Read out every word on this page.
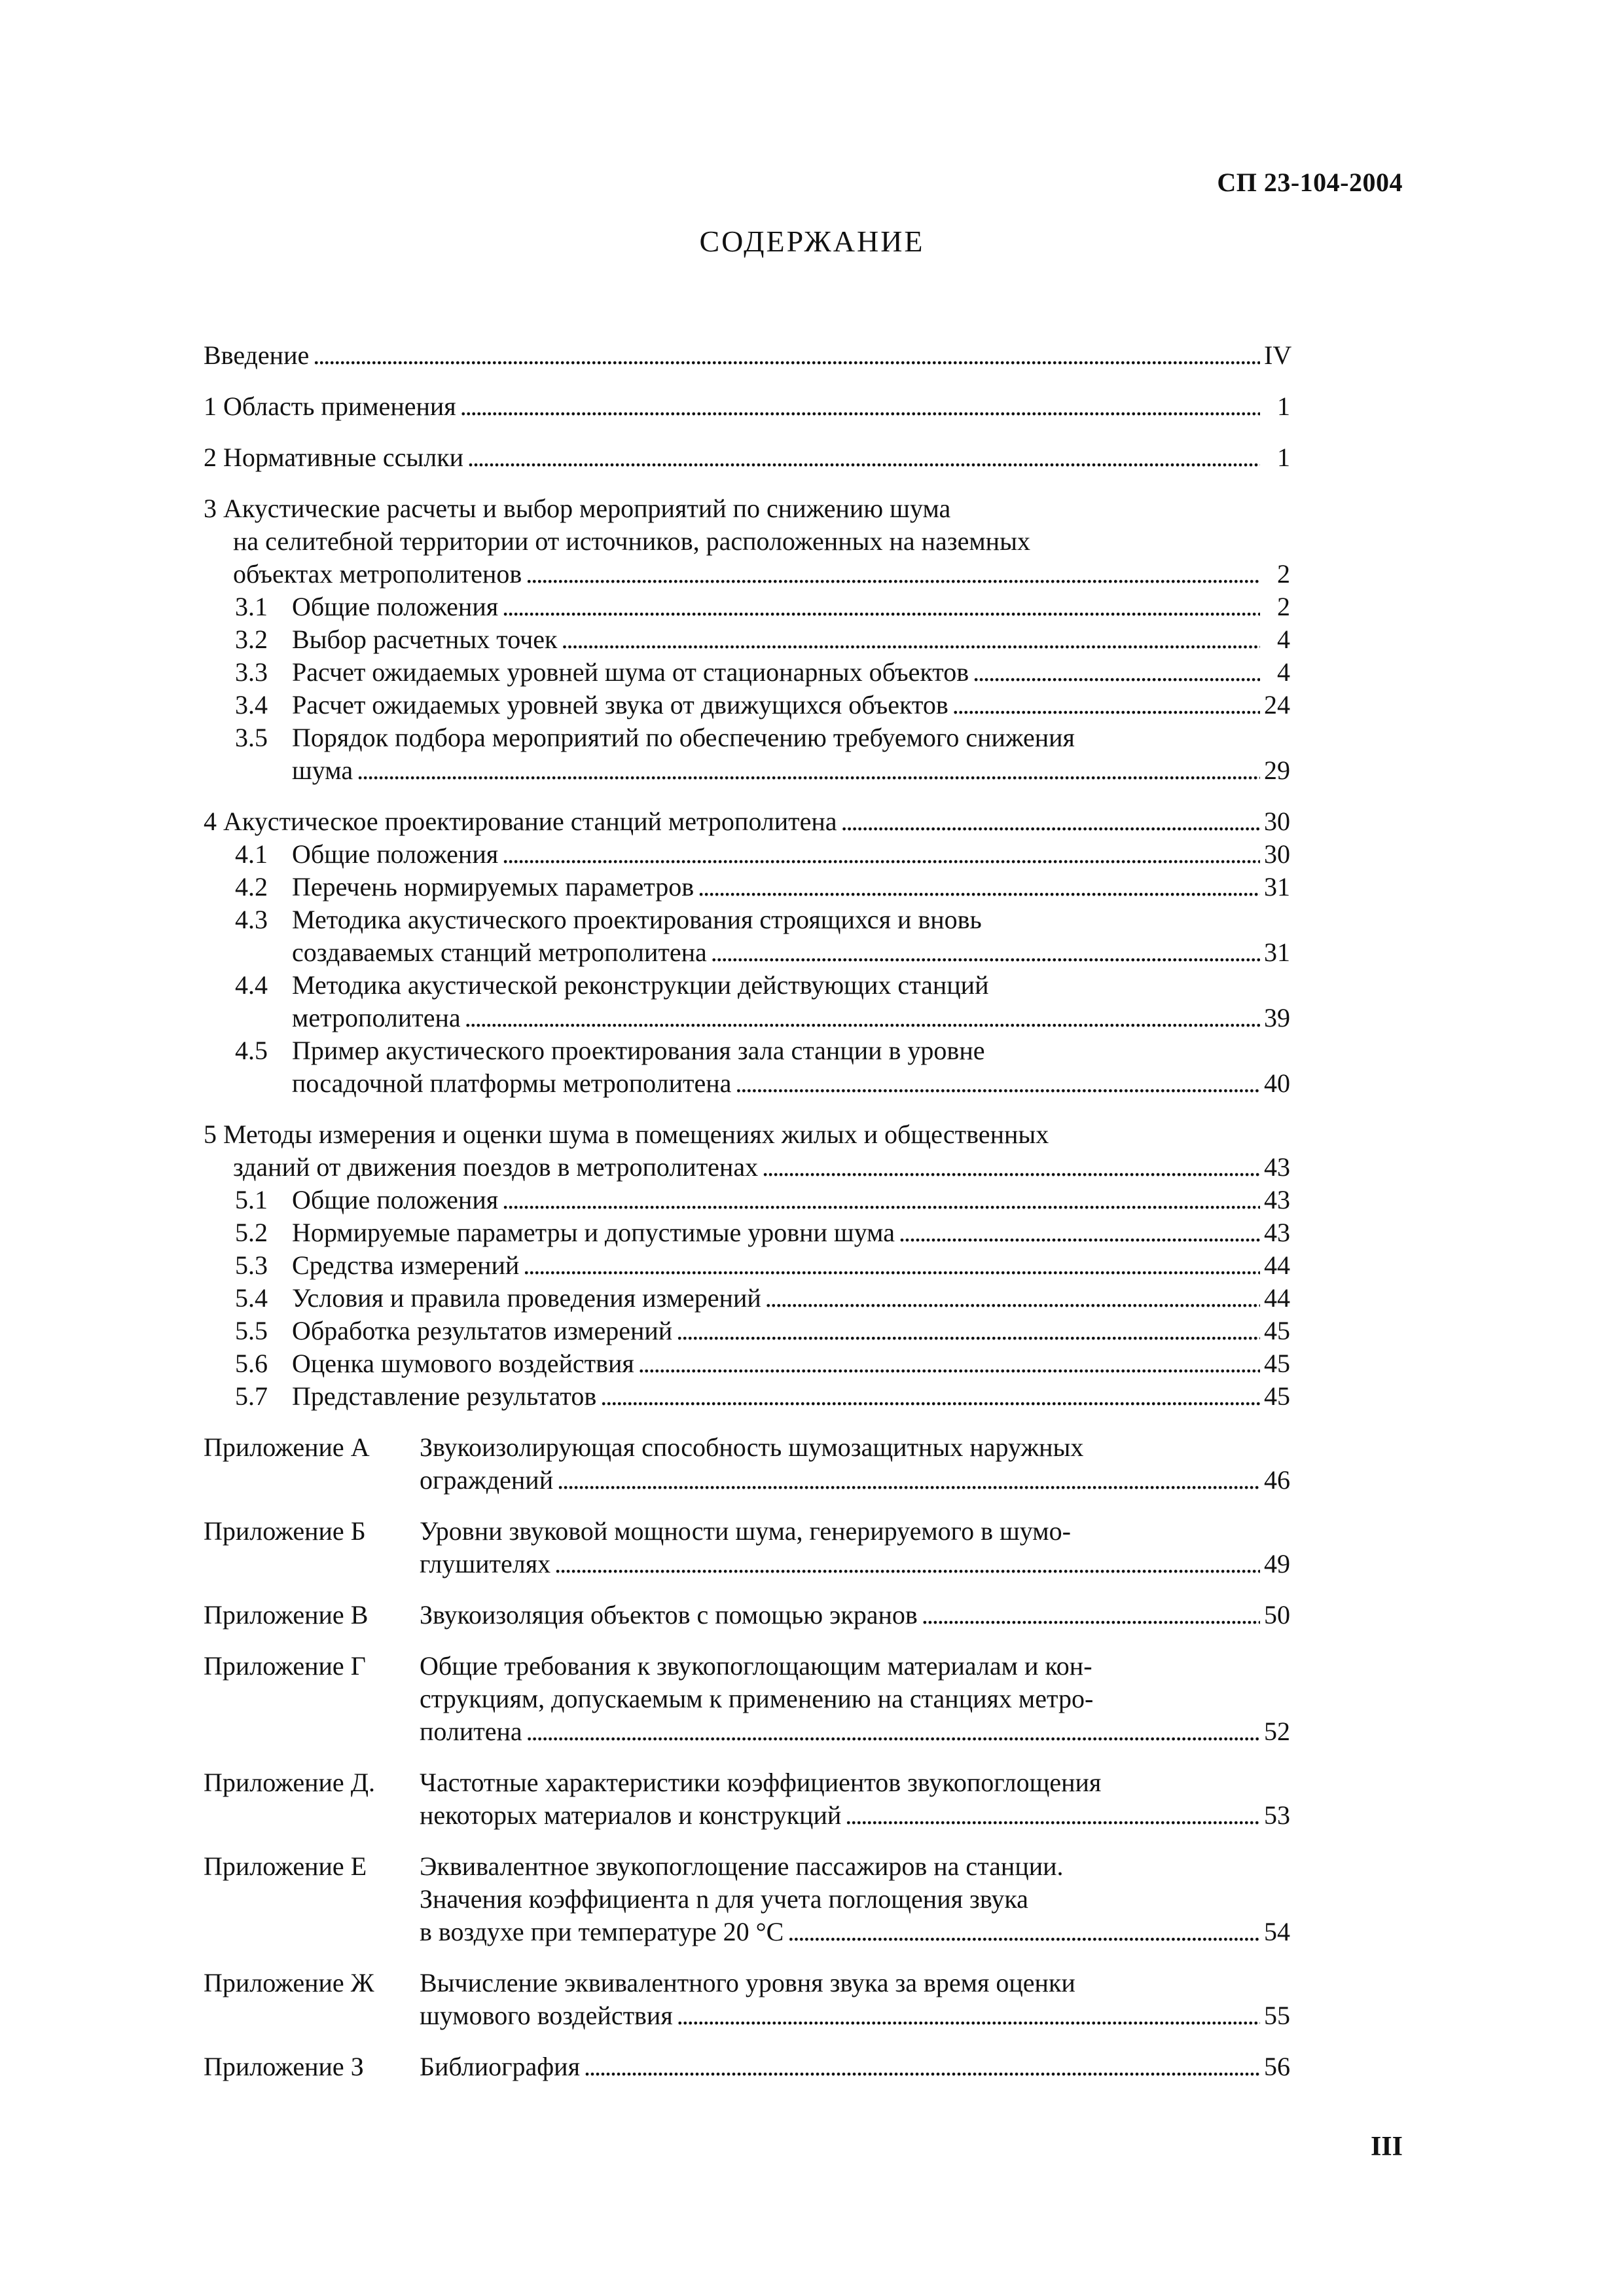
СП 23-104-2004
СОДЕРЖАНИЕ
Введение . . .	IV
1 Область применения . . .	1
2 Нормативные ссылки . . .	1
3 Акустические расчеты и выбор мероприятий по снижению шума
на селитебной территории от источников, расположенных на наземных
объектах метрополитенов . . .	2
3.1 Общие положения . . .	2
3.2 Выбор расчетных точек . . .	4
3.3 Расчет ожидаемых уровней шума от стационарных объектов . . .	4
3.4 Расчет ожидаемых уровней звука от движущихся объектов . . .	24
3.5 Порядок подбора мероприятий по обеспечению требуемого снижения
шума . . .	29
4 Акустическое проектирование станций метрополитена . . .	30
4.1 Общие положения . . .	30
4.2 Перечень нормируемых параметров . . .	31
4.3 Методика акустического проектирования строящихся и вновь
создаваемых станций метрополитена . . .	31
4.4 Методика акустической реконструкции действующих станций
метрополитена . . .	39
4.5 Пример акустического проектирования зала станции в уровне
посадочной платформы метрополитена . . .	40
5 Методы измерения и оценки шума в помещениях жилых и общественных
зданий от движения поездов в метрополитенах . . .	43
5.1 Общие положения . . .	43
5.2 Нормируемые параметры и допустимые уровни шума . . .	43
5.3 Средства измерений . . .	44
5.4 Условия и правила проведения измерений . . .	44
5.5 Обработка результатов измерений . . .	45
5.6 Оценка шумового воздействия . . .	45
5.7 Представление результатов . . .	45
Приложение А Звукоизолирующая способность шумозащитных наружных
ограждений . . .	46
Приложение Б Уровни звуковой мощности шума, генерируемого в шумо-
глушителях . . .	49
Приложение В Звукоизоляция объектов с помощью экранов . . .	50
Приложение Г Общие требования к звукопоглощающим материалам и кон-
струкциям, допускаемым к применению на станциях метро-
политена . . .	52
Приложение Д. Частотные характеристики коэффициентов звукопоглощения
некоторых материалов и конструкций . . .	53
Приложение Е Эквивалентное звукопоглощение пассажиров на станции.
Значения коэффициента n для учета поглощения звука
в воздухе при температуре 20 °С . . .	54
Приложение Ж Вычисление эквивалентного уровня звука за время оценки
шумового воздействия . . .	55
Приложение З Библиография . . .	56
III
